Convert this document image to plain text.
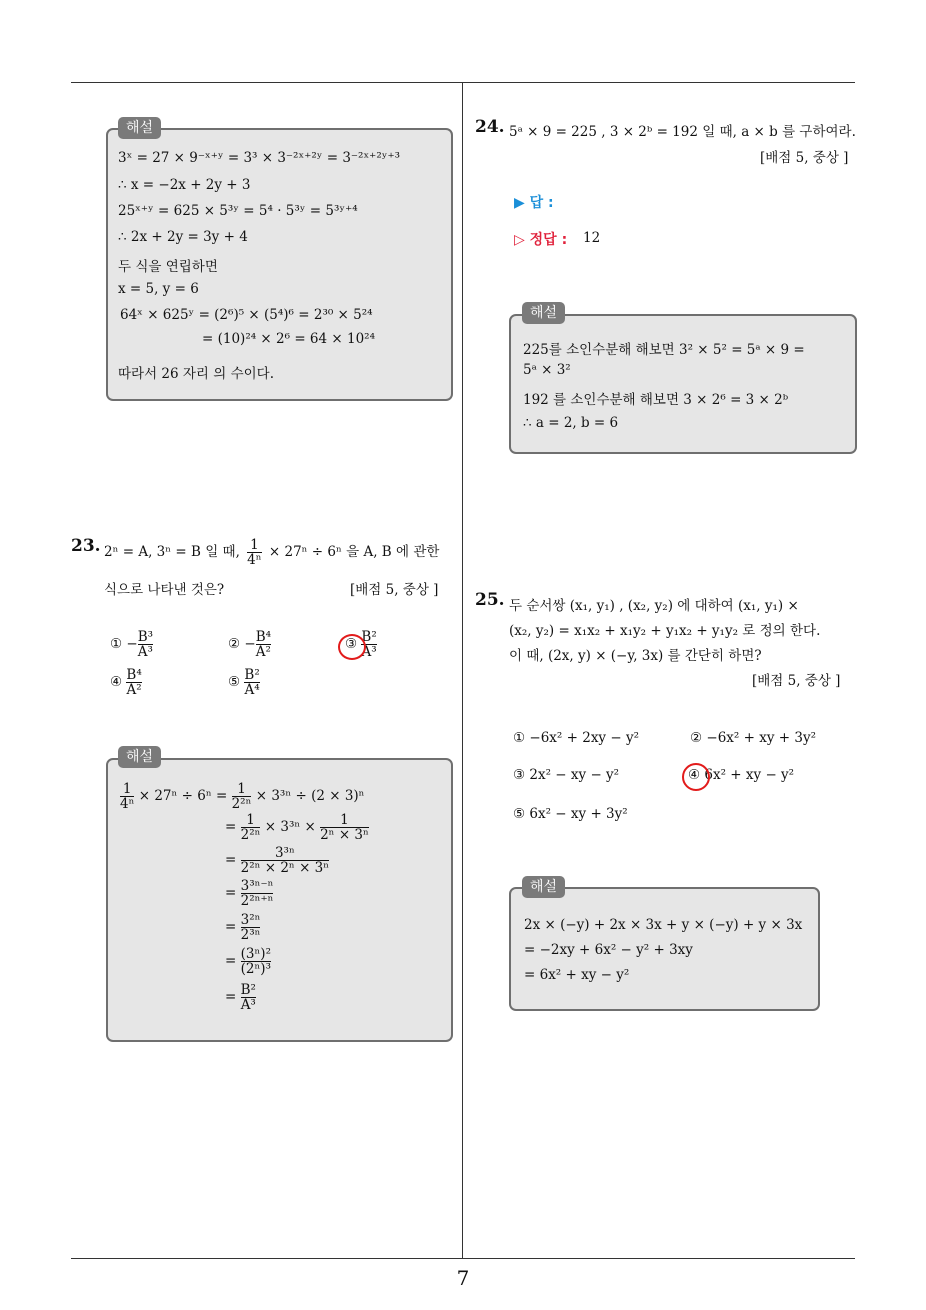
7
3ˣ = 27 × 9⁻ˣ⁺ʸ = 3³ × 3⁻²ˣ⁺²ʸ = 3⁻²ˣ⁺²ʸ⁺³
∴ x = −2x + 2y + 3
25ˣ⁺ʸ = 625 × 5³ʸ = 5⁴ · 5³ʸ = 5³ʸ⁺⁴
∴ 2x + 2y = 3y + 4
두 식을 연립하면
x = 5, y = 6
64ˣ × 625ʸ = (2⁶)⁵ × (5⁴)⁶ = 2³⁰ × 5²⁴
= (10)²⁴ × 2⁶ = 64 × 10²⁴
따라서 26 자리 의 수이다.
해설
23. 2ⁿ = A, 3ⁿ = B 일 때, $\frac{1}{\text{4ⁿ}} \times 27^n \div 6^n$ 을 A, B 에 관한
식으로 나타낸 것은?	[배점 5, 중상 ]
① − $\frac{\text{B³}}{\text{A³}}$	② − $\frac{\text{B⁴}}{\text{A²}}$	③ $\frac{\text{B²}}{\text{A³}}$
④ $\frac{\text{B⁴}}{\text{A²}}$	⑤ $\frac{\text{B²}}{\text{A⁴}}$
$\frac{1}{\text{4ⁿ}} \times 27^n \div 6^n = \frac{1}{\text{2²ⁿ}} \times 3^{3n} \div (2 \times 3)^n$
= $\frac{1}{\text{2²ⁿ}} \times 3^{3n} \times \frac{1}{\text{2ⁿ × 3ⁿ}}$
= $\frac{\text{3³ⁿ}}{\text{2²ⁿ × 2ⁿ × 3ⁿ}}$
= $\frac{\text{3³ⁿ⁻ⁿ}}{\text{2²ⁿ⁺ⁿ}}$
= $\frac{\text{3²ⁿ}}{\text{2³ⁿ}}$
= $\frac{\text{(3ⁿ)²}}{\text{(2ⁿ)³}}$
= $\frac{\text{B²}}{\text{A³}}$
해설
24. 5ᵃ × 9 = 225 , 3 × 2ᵇ = 192 일 때, a × b 를 구하여라.
[배점 5, 중상 ]
▶ 답 :
▷ 정답 : 12
225를 소인수분해 해보면 3² × 5² = 5ᵃ × 9 =
5ᵃ × 3²
192 를 소인수분해 해보면 3 × 2⁶ = 3 × 2ᵇ
∴ a = 2, b = 6
해설
25. 두 순서쌍 (x₁, y₁) , (x₂, y₂) 에 대하여 (x₁, y₁) ×
(x₂, y₂) = x₁x₂ + x₁y₂ + y₁x₂ + y₁y₂ 로 정의 한다.
이 때, (2x, y) × (−y, 3x) 를 간단히 하면?
[배점 5, 중상 ]
① −6x² + 2xy − y²	② −6x² + xy + 3y²
③ 2x² − xy − y²	④ 6x² + xy − y²
⑤ 6x² − xy + 3y²
2x × (−y) + 2x × 3x + y × (−y) + y × 3x
= −2xy + 6x² − y² + 3xy
= 6x² + xy − y²
해설
